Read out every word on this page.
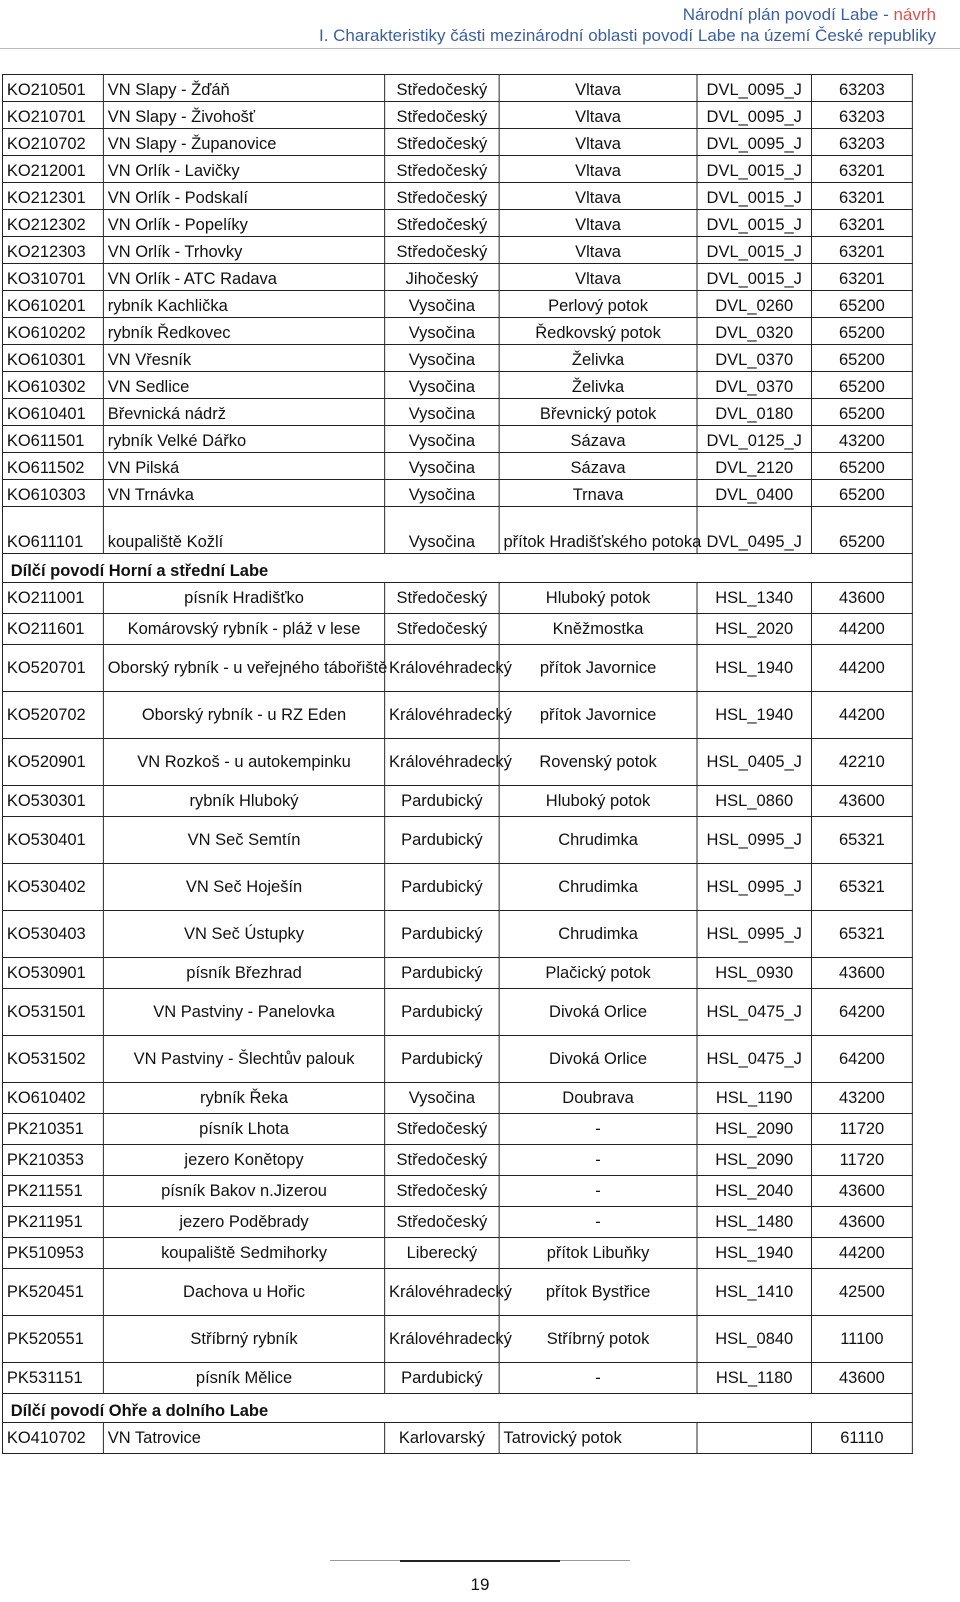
Národní plán povodí Labe - návrh
I. Charakteristiky části mezinárodní oblasti povodí Labe na území České republiky
KO210501	VN Slapy - Žďáň	Středočeský	Vltava	DVL_0095_J	63203
KO210701	VN Slapy - Živohošť	Středočeský	Vltava	DVL_0095_J	63203
KO210702	VN Slapy - Županovice	Středočeský	Vltava	DVL_0095_J	63203
KO212001	VN Orlík - Lavičky	Středočeský	Vltava	DVL_0015_J	63201
KO212301	VN Orlík - Podskalí	Středočeský	Vltava	DVL_0015_J	63201
KO212302	VN Orlík - Popelíky	Středočeský	Vltava	DVL_0015_J	63201
KO212303	VN Orlík - Trhovky	Středočeský	Vltava	DVL_0015_J	63201
KO310701	VN Orlík - ATC Radava	Jihočeský	Vltava	DVL_0015_J	63201
KO610201	rybník Kachlička	Vysočina	Perlový potok	DVL_0260	65200
KO610202	rybník Ředkovec	Vysočina	Ředkovský potok	DVL_0320	65200
KO610301	VN Vřesník	Vysočina	Želivka	DVL_0370	65200
KO610302	VN Sedlice	Vysočina	Želivka	DVL_0370	65200
KO610401	Břevnická nádrž	Vysočina	Břevnický potok	DVL_0180	65200
KO611501	rybník Velké Dářko	Vysočina	Sázava	DVL_0125_J	43200
KO611502	VN Pilská	Vysočina	Sázava	DVL_2120	65200
KO610303	VN Trnávka	Vysočina	Trnava	DVL_0400	65200
KO611101	koupaliště Kožlí	Vysočina	přítok Hradišťského potoka	DVL_0495_J	65200
Dílčí povodí Horní a střední Labe					
KO211001	písník Hradišťko	Středočeský	Hluboký potok	HSL_1340	43600
KO211601	Komárovský rybník - pláž v lese	Středočeský	Kněžmostka	HSL_2020	44200
KO520701	Oborský rybník - u veřejného tábořiště	Královéhradecký	přítok Javornice	HSL_1940	44200
KO520702	Oborský rybník - u RZ Eden	Královéhradecký	přítok Javornice	HSL_1940	44200
KO520901	VN Rozkoš - u autokempinku	Královéhradecký	Rovenský potok	HSL_0405_J	42210
KO530301	rybník Hluboký	Pardubický	Hluboký potok	HSL_0860	43600
KO530401	VN Seč Semtín	Pardubický	Chrudimka	HSL_0995_J	65321
KO530402	VN Seč Hoješín	Pardubický	Chrudimka	HSL_0995_J	65321
KO530403	VN Seč Ústupky	Pardubický	Chrudimka	HSL_0995_J	65321
KO530901	písník Březhrad	Pardubický	Plačický potok	HSL_0930	43600
KO531501	VN Pastviny - Panelovka	Pardubický	Divoká Orlice	HSL_0475_J	64200
KO531502	VN Pastviny - Šlechtův palouk	Pardubický	Divoká Orlice	HSL_0475_J	64200
KO610402	rybník Řeka	Vysočina	Doubrava	HSL_1190	43200
PK210351	písník Lhota	Středočeský	-	HSL_2090	11720
PK210353	jezero Konětopy	Středočeský	-	HSL_2090	11720
PK211551	písník Bakov n.Jizerou	Středočeský	-	HSL_2040	43600
PK211951	jezero Poděbrady	Středočeský	-	HSL_1480	43600
PK510953	koupaliště Sedmihorky	Liberecký	přítok Libuňky	HSL_1940	44200
PK520451	Dachova u Hořic	Královéhradecký	přítok Bystřice	HSL_1410	42500
PK520551	Stříbrný rybník	Královéhradecký	Stříbrný potok	HSL_0840	11100
PK531151	písník Mělice	Pardubický	-	HSL_1180	43600
Dílčí povodí Ohře a dolního Labe					
KO410702	VN Tatrovice	Karlovarský	Tatrovický potok		61110
19
